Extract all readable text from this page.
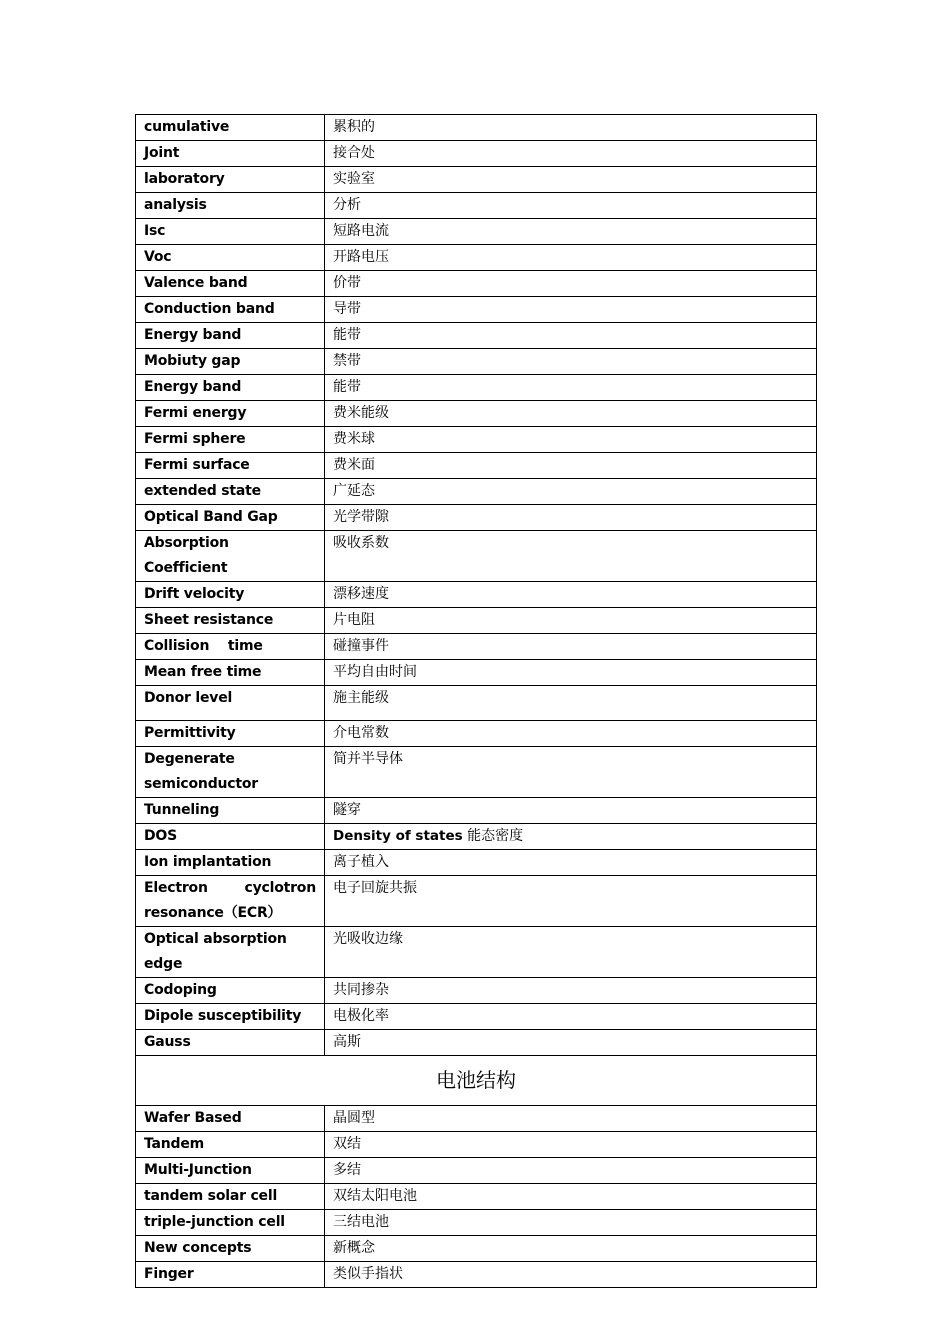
cumulative	累积的
Joint	接合处
laboratory	实验室
analysis	分析
Isc	短路电流
Voc	开路电压
Valence band	价带
Conduction band	导带
Energy band	能带
Mobiuty gap	禁带
Energy band	能带
Fermi energy	费米能级
Fermi sphere	费米球
Fermi surface	费米面
extended state	广延态
Optical Band Gap	光学带隙
Absorption Coefficient	吸收系数
Drift velocity	漂移速度
Sheet resistance	片电阻
Collision    time	碰撞事件
Mean free time	平均自由时间
Donor level	施主能级
Permittivity	介电常数

Degenerate
semiconductor	简并半导体
Tunneling	隧穿
DOS	Density of states 能态密度
Ion implantation	离子植入

Electron cyclotron
resonance（ECR）	电子回旋共振
Optical absorption edge	光吸收边缘
Codoping	共同掺杂
Dipole susceptibility	电极化率
Gauss	高斯
电池结构	
Wafer Based	晶圆型
Tandem	双结
Multi-Junction	多结
tandem solar cell	双结太阳电池
triple-junction cell	三结电池
New concepts	新概念
Finger	类似手指状
